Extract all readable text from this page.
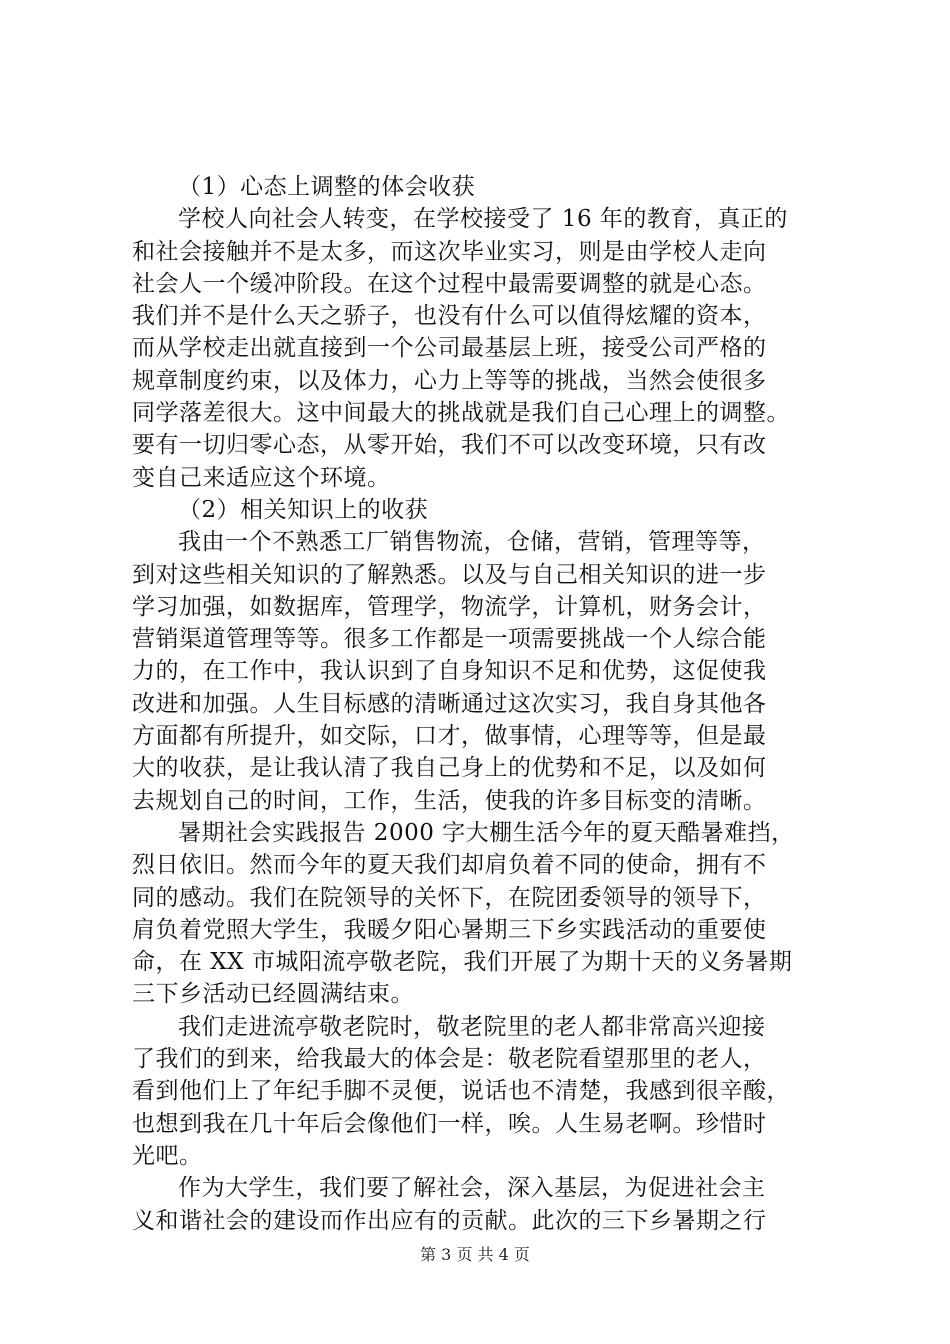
（1）心态上调整的体会收获
学校人向社会人转变，在学校接受了 16 年的教育，真正的
和社会接触并不是太多，而这次毕业实习，则是由学校人走向
社会人一个缓冲阶段。在这个过程中最需要调整的就是心态。
我们并不是什么天之骄子，也没有什么可以值得炫耀的资本，
而从学校走出就直接到一个公司最基层上班，接受公司严格的
规章制度约束，以及体力，心力上等等的挑战，当然会使很多
同学落差很大。这中间最大的挑战就是我们自己心理上的调整。
要有一切归零心态，从零开始，我们不可以改变环境，只有改
变自己来适应这个环境。
（2）相关知识上的收获
我由一个不熟悉工厂销售物流，仓储，营销，管理等等，
到对这些相关知识的了解熟悉。以及与自己相关知识的进一步
学习加强，如数据库，管理学，物流学，计算机，财务会计，
营销渠道管理等等。很多工作都是一项需要挑战一个人综合能
力的，在工作中，我认识到了自身知识不足和优势，这促使我
改进和加强。人生目标感的清晰通过这次实习，我自身其他各
方面都有所提升，如交际，口才，做事情，心理等等，但是最
大的收获，是让我认清了我自己身上的优势和不足，以及如何
去规划自己的时间，工作，生活，使我的许多目标变的清晰。
暑期社会实践报告 2000 字大棚生活今年的夏天酷暑难挡，
烈日依旧。然而今年的夏天我们却肩负着不同的使命，拥有不
同的感动。我们在院领导的关怀下，在院团委领导的领导下，
肩负着党照大学生，我暖夕阳心暑期三下乡实践活动的重要使
命，在 XX 市城阳流亭敬老院，我们开展了为期十天的义务暑期
三下乡活动已经圆满结束。
我们走进流亭敬老院时，敬老院里的老人都非常高兴迎接
了我们的到来，给我最大的体会是：敬老院看望那里的老人，
看到他们上了年纪手脚不灵便，说话也不清楚，我感到很辛酸，
也想到我在几十年后会像他们一样，唉。人生易老啊。珍惜时
光吧。
作为大学生，我们要了解社会，深入基层，为促进社会主
义和谐社会的建设而作出应有的贡献。此次的三下乡暑期之行
第 3 页 共 4 页
